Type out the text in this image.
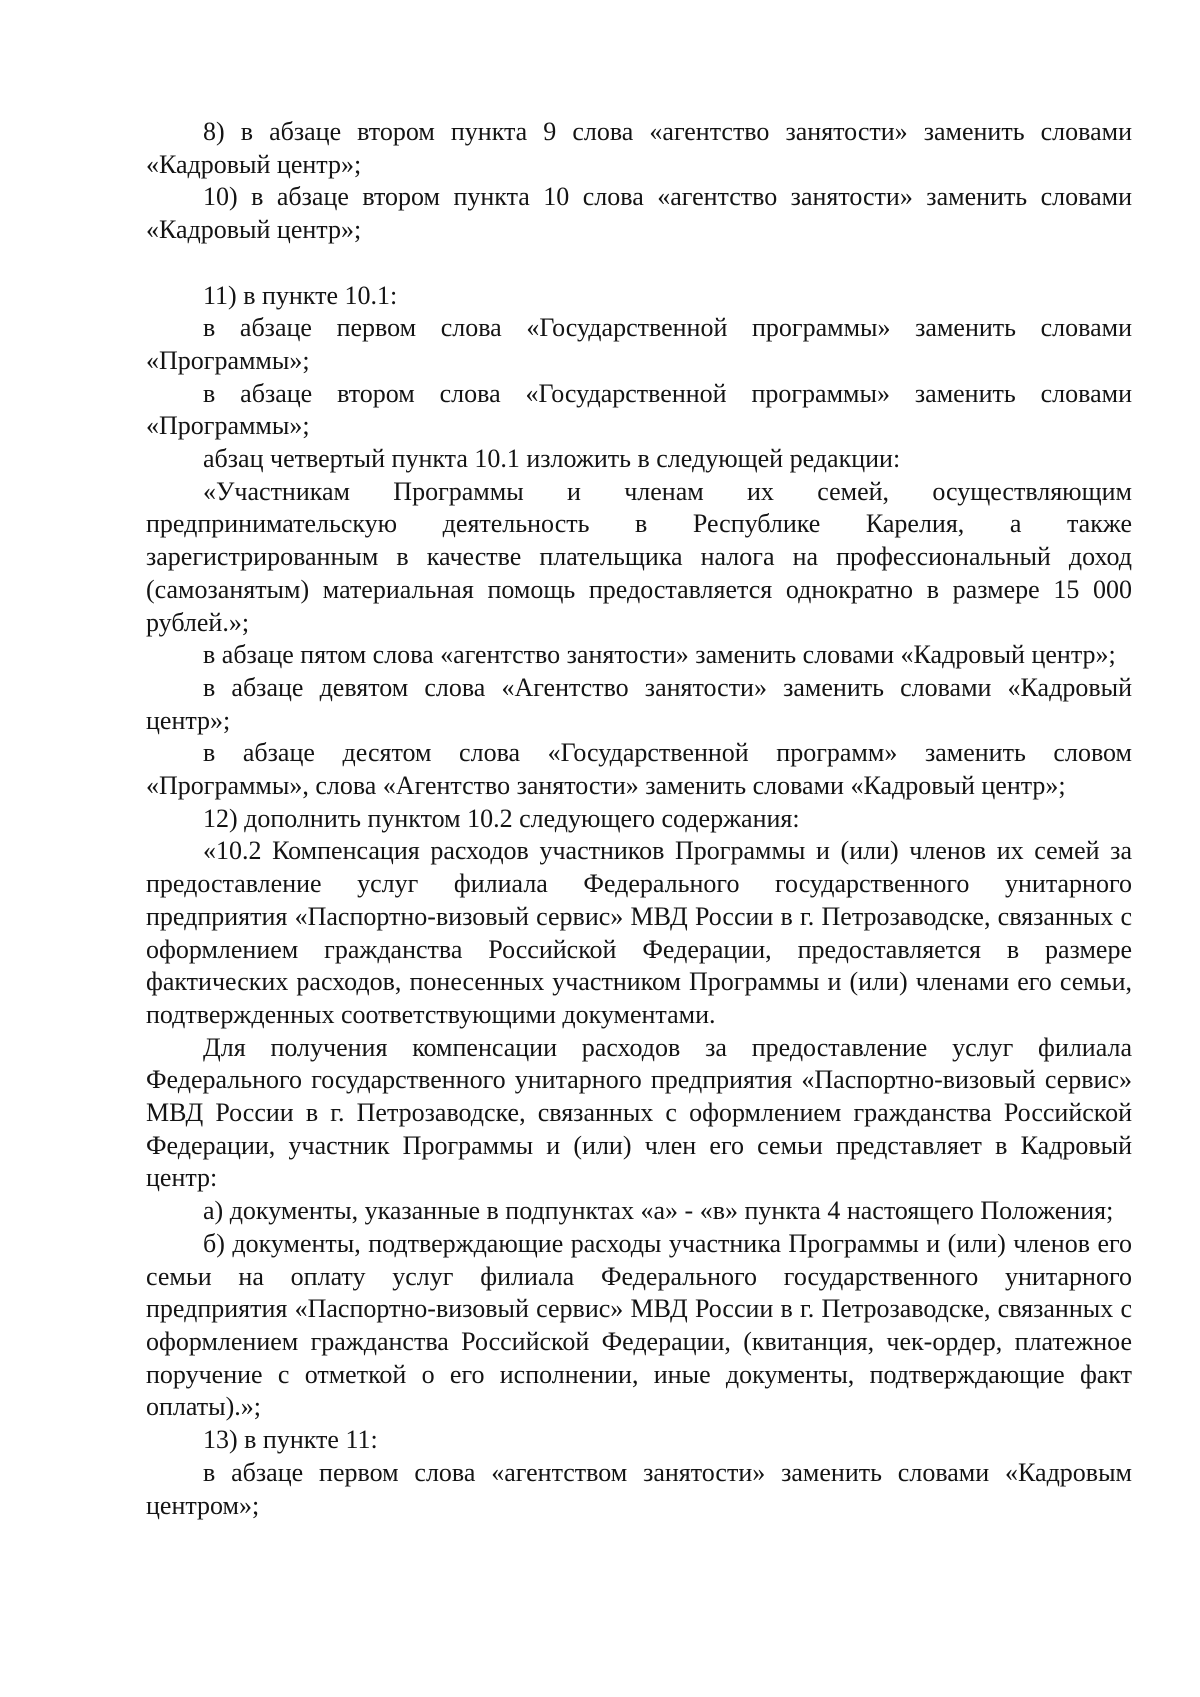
8) в абзаце втором пункта 9 слова «агентство занятости» заменить словами «Кадровый центр»;

10) в абзаце втором пункта 10 слова «агентство занятости» заменить словами «Кадровый центр»;

11) в пункте 10.1:

в абзаце первом слова «Государственной программы» заменить словами «Программы»;

в абзаце втором слова «Государственной программы» заменить словами «Программы»;

абзац четвертый пункта 10.1 изложить в следующей редакции:

«Участникам Программы и членам их семей, осуществляющим предпринимательскую деятельность в Республике Карелия, а также зарегистрированным в качестве плательщика налога на профессиональный доход (самозанятым) материальная помощь предоставляется однократно в размере 15 000 рублей.»;

в абзаце пятом слова «агентство занятости» заменить словами «Кадровый центр»;

в абзаце девятом слова «Агентство занятости» заменить словами «Кадровый центр»;

в абзаце десятом слова «Государственной программ» заменить словом «Программы», слова «Агентство занятости» заменить словами «Кадровый центр»;

12) дополнить пунктом 10.2 следующего содержания:

«10.2 Компенсация расходов участников Программы и (или) членов их семей за предоставление услуг филиала Федерального государственного унитарного предприятия «Паспортно-визовый сервис» МВД России в г. Петрозаводске, связанных с оформлением гражданства Российской Федерации, предоставляется в размере фактических расходов, понесенных участником Программы и (или) членами его семьи, подтвержденных соответствующими документами.

Для получения компенсации расходов за предоставление услуг филиала Федерального государственного унитарного предприятия «Паспортно-визовый сервис» МВД России в г. Петрозаводске, связанных с оформлением гражданства Российской Федерации, участник Программы и (или) член его семьи представляет в Кадровый центр:

а) документы, указанные в подпунктах «а» - «в» пункта 4 настоящего Положения;

б) документы, подтверждающие расходы участника Программы и (или) членов его семьи на оплату услуг филиала Федерального государственного унитарного предприятия «Паспортно-визовый сервис» МВД России в г. Петрозаводске, связанных с оформлением гражданства Российской Федерации, (квитанция, чек-ордер, платежное поручение с отметкой о его исполнении, иные документы, подтверждающие факт оплаты).»;

13) в пункте 11:

в абзаце первом слова «агентством занятости» заменить словами «Кадровым центром»;
